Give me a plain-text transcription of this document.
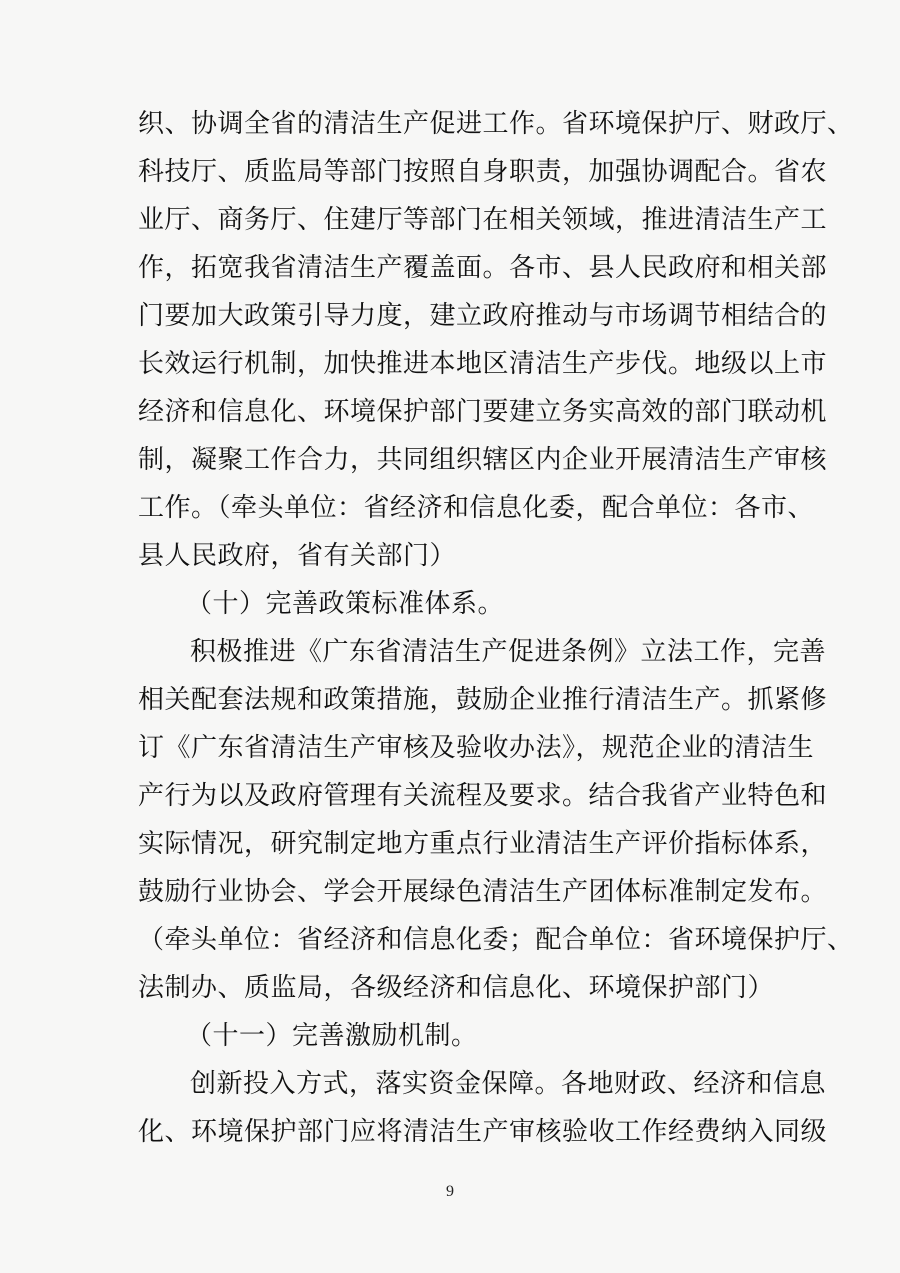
织、协调全省的清洁生产促进工作。省环境保护厅、财政厅、
科技厅、质监局等部门按照自身职责，加强协调配合。省农
业厅、商务厅、住建厅等部门在相关领域，推进清洁生产工
作，拓宽我省清洁生产覆盖面。各市、县人民政府和相关部
门要加大政策引导力度，建立政府推动与市场调节相结合的
长效运行机制，加快推进本地区清洁生产步伐。地级以上市
经济和信息化、环境保护部门要建立务实高效的部门联动机
制，凝聚工作合力，共同组织辖区内企业开展清洁生产审核
工作。（牵头单位：省经济和信息化委，配合单位：各市、
县人民政府，省有关部门）
（十）完善政策标准体系。
积极推进《广东省清洁生产促进条例》立法工作，完善
相关配套法规和政策措施，鼓励企业推行清洁生产。抓紧修
订《广东省清洁生产审核及验收办法》，规范企业的清洁生
产行为以及政府管理有关流程及要求。结合我省产业特色和
实际情况，研究制定地方重点行业清洁生产评价指标体系，
鼓励行业协会、学会开展绿色清洁生产团体标准制定发布。
（牵头单位：省经济和信息化委；配合单位：省环境保护厅、
法制办、质监局，各级经济和信息化、环境保护部门）
（十一）完善激励机制。
创新投入方式，落实资金保障。各地财政、经济和信息
化、环境保护部门应将清洁生产审核验收工作经费纳入同级
9
